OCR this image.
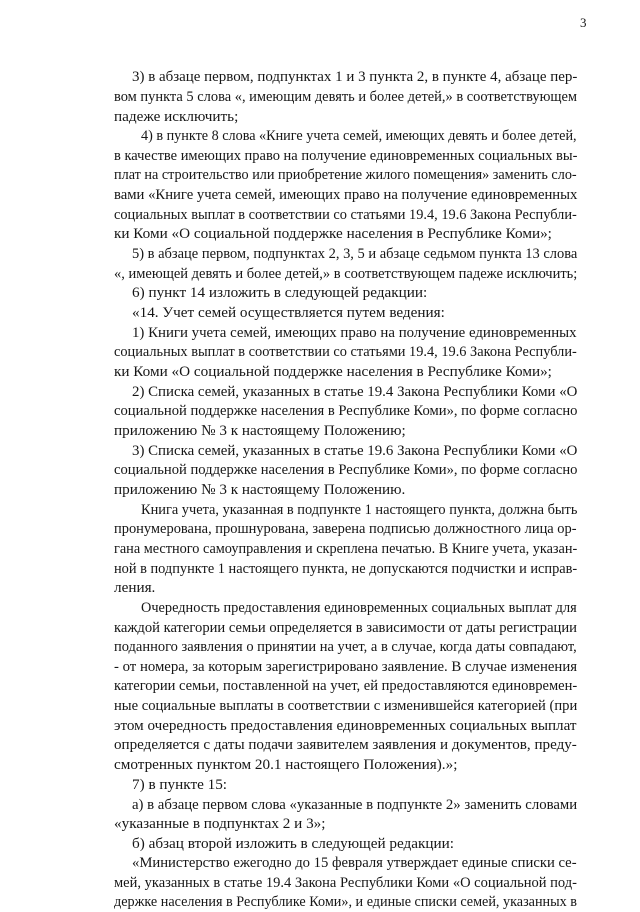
3
3) в абзаце первом, подпунктах 1 и 3 пункта 2, в пункте 4, абзаце пер-
вом пункта 5 слова «, имеющим девять и более детей,» в соответствующем
падеже исключить;
4) в пункте 8 слова «Книге учета семей, имеющих девять и более детей,
в качестве имеющих право на получение единовременных социальных вы-
плат на строительство или приобретение жилого помещения» заменить сло-
вами «Книге учета семей, имеющих право на получение единовременных
социальных выплат в соответствии со статьями 19.4, 19.6 Закона Республи-
ки Коми «О социальной поддержке населения в Республике Коми»;
5) в абзаце первом, подпунктах 2, 3, 5 и абзаце седьмом пункта 13 слова
«, имеющей девять и более детей,» в соответствующем падеже исключить;
6) пункт 14 изложить в следующей редакции:
«14. Учет семей осуществляется путем ведения:
1) Книги учета семей, имеющих право на получение единовременных
социальных выплат в соответствии со статьями 19.4, 19.6 Закона Республи-
ки Коми «О социальной поддержке населения в Республике Коми»;
2) Списка семей, указанных в статье 19.4 Закона Республики Коми «О
социальной поддержке населения в Республике Коми», по форме согласно
приложению № 3 к настоящему Положению;
3) Списка семей, указанных в статье 19.6 Закона Республики Коми «О
социальной поддержке населения в Республике Коми», по форме согласно
приложению № 3 к настоящему Положению.
Книга учета, указанная в подпункте 1 настоящего пункта, должна быть
пронумерована, прошнурована, заверена подписью должностного лица ор-
гана местного самоуправления и скреплена печатью. В Книге учета, указан-
ной в подпункте 1 настоящего пункта, не допускаются подчистки и исправ-
ления.
Очередность предоставления единовременных социальных выплат для
каждой категории семьи определяется в зависимости от даты регистрации
поданного заявления о принятии на учет, а в случае, когда даты совпадают,
- от номера, за которым зарегистрировано заявление. В случае изменения
категории семьи, поставленной на учет, ей предоставляются единовремен-
ные социальные выплаты в соответствии с изменившейся категорией (при
этом очередность предоставления единовременных социальных выплат
определяется с даты подачи заявителем заявления и документов, преду-
смотренных пунктом 20.1 настоящего Положения).»;
7) в пункте 15:
а) в абзаце первом слова «указанные в подпункте 2» заменить словами
«указанные в подпунктах 2 и 3»;
б) абзац второй изложить в следующей редакции:
«Министерство ежегодно до 15 февраля утверждает единые списки се-
мей, указанных в статье 19.4 Закона Республики Коми «О социальной под-
держке населения в Республике Коми», и единые списки семей, указанных в
